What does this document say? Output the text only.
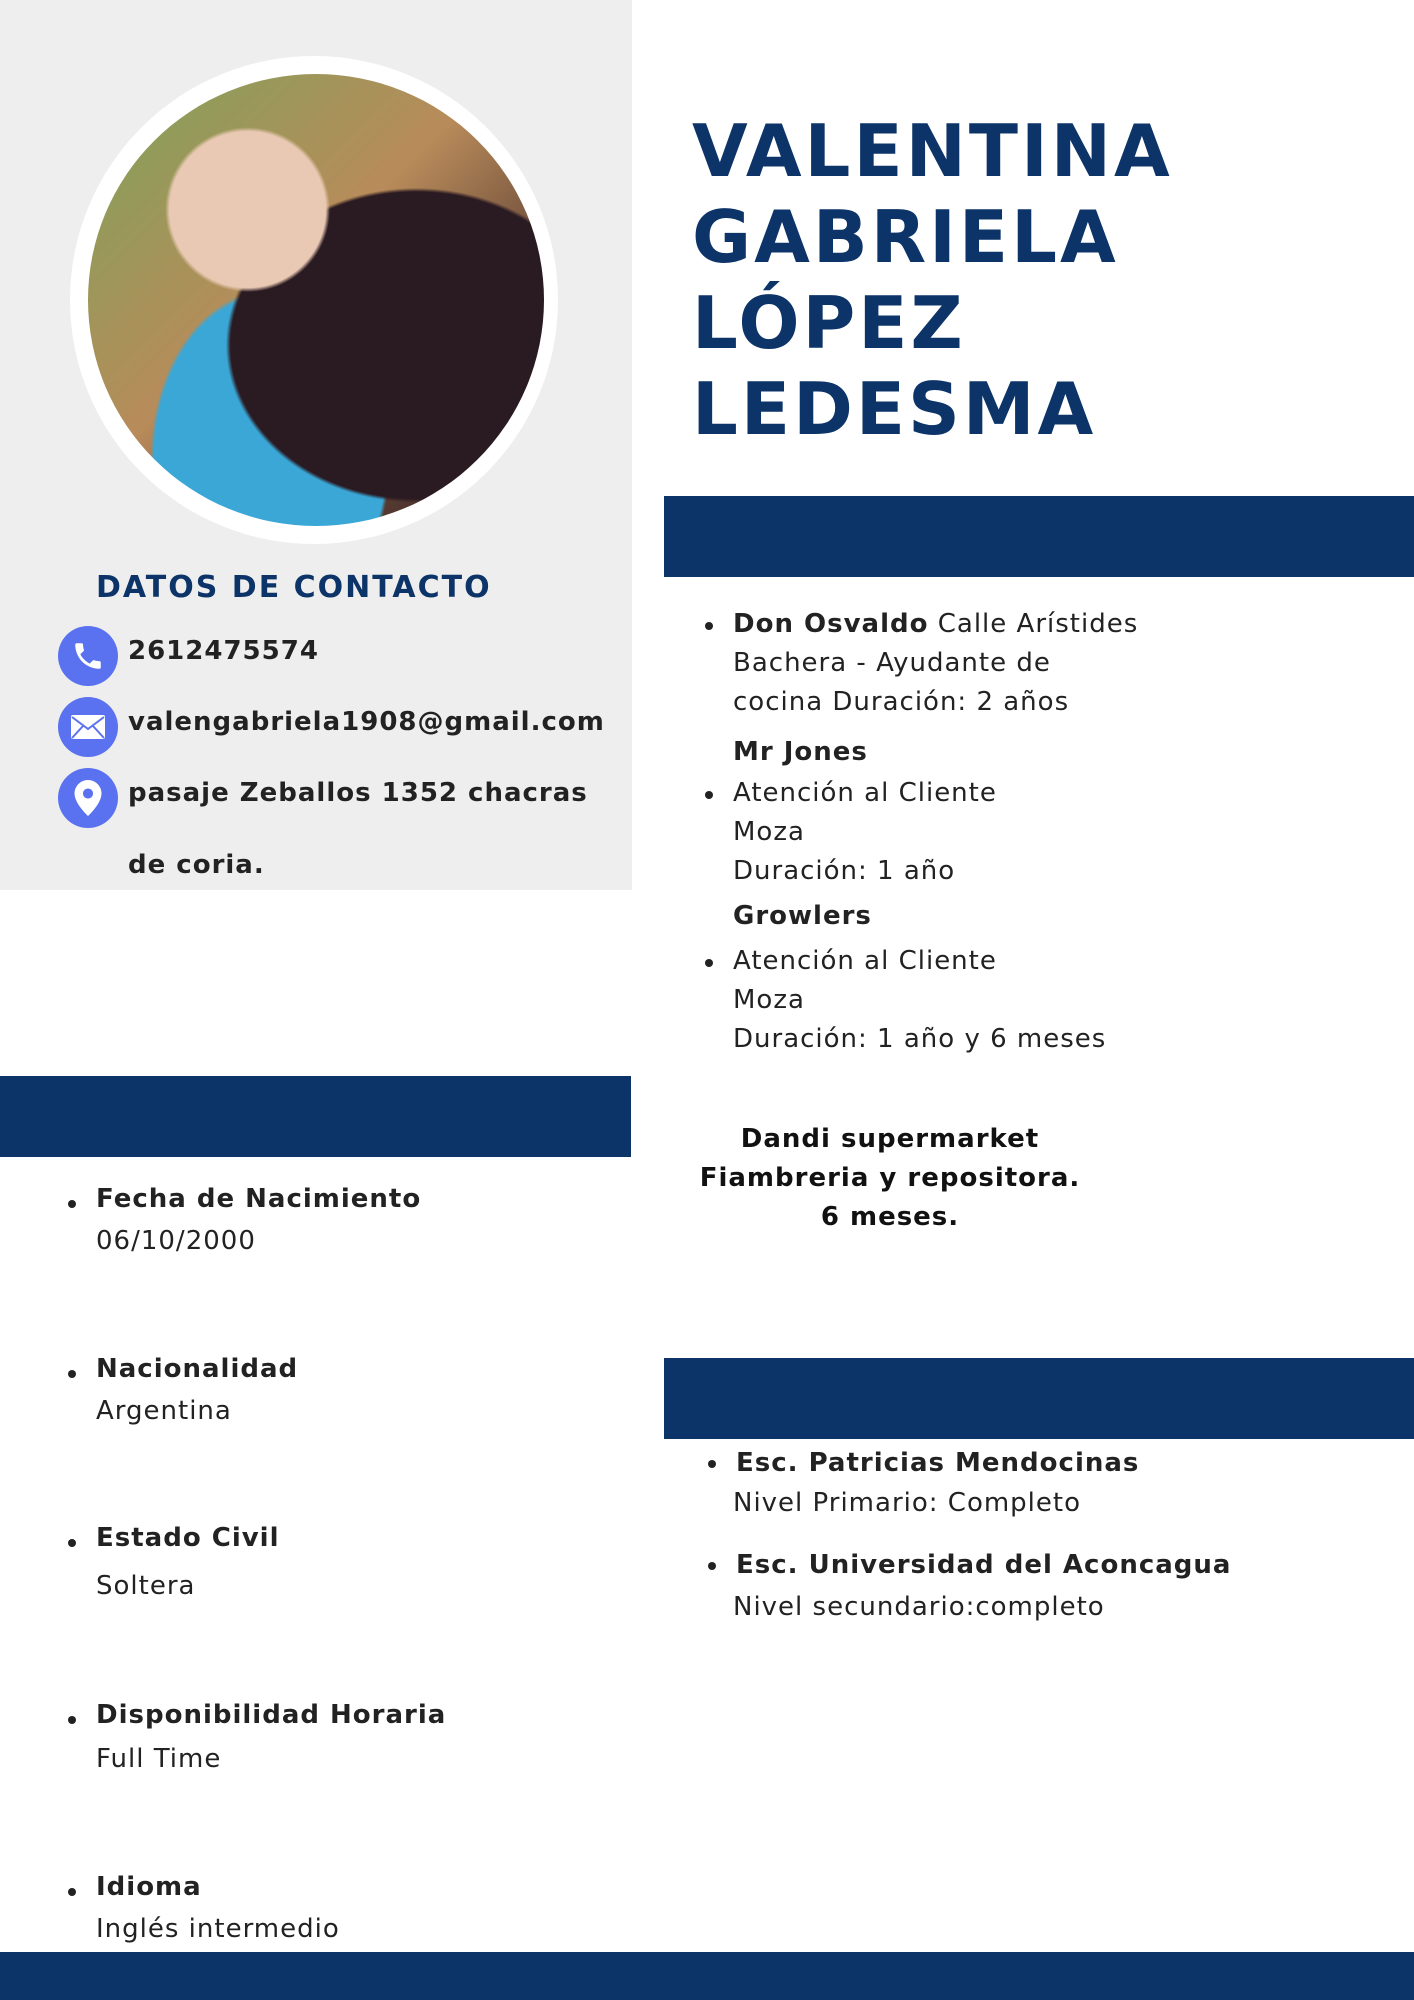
VALENTINA
GABRIELA LÓPEZ
LEDESMA
DATOS DE CONTACTO
2612475574
valengabriela1908@gmail.com
pasaje Zeballos 1352 chacras
de coria.
Fecha de Nacimiento
06/10/2000
Nacionalidad
Argentina
Estado Civil
Soltera
Disponibilidad Horaria
Full Time
Idioma
Inglés intermedio
Don Osvaldo Calle Arístides
Bachera - Ayudante de
cocina Duración: 2 años
Mr Jones
Atención al Cliente
Moza
Duración: 1 año
Growlers
Atención al Cliente
Moza
Duración: 1 año y 6 meses
Dandi supermarket
Fiambreria y repositora.
6 meses.
Esc. Patricias Mendocinas
Nivel Primario: Completo
Esc. Universidad del Aconcagua
Nivel secundario:completo
